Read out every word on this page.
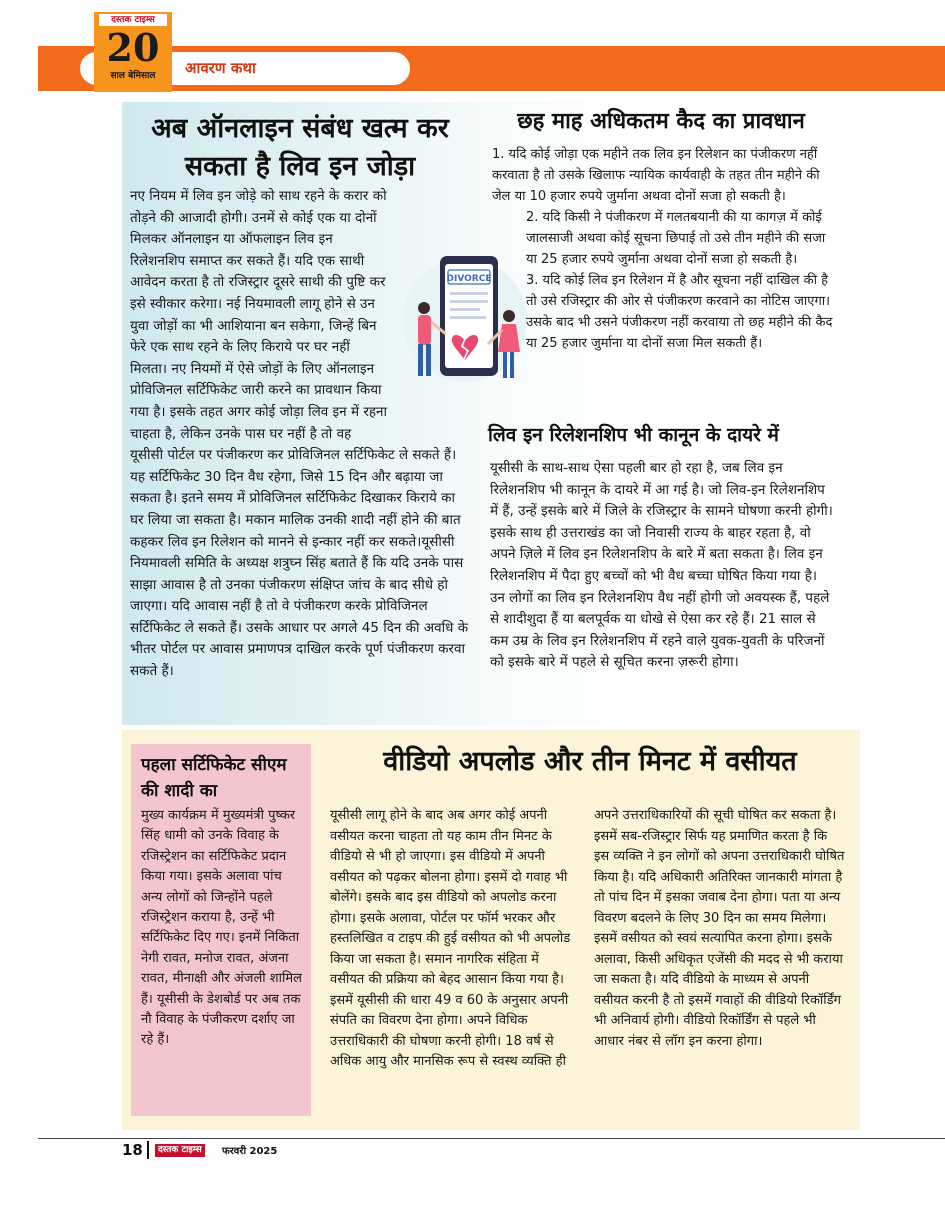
आवरण कथा
दस्तक टाइम्स
20
साल बेमिसाल
अब ऑनलाइन संबंध खत्म कर सकता है लिव इन जोड़ा
नए नियम में लिव इन जोड़े को साथ रहने के करार को तोड़ने की आजादी होगी। उनमें से कोई एक या दोनों मिलकर ऑनलाइन या ऑफलाइन लिव इन रिलेशनशिप समाप्त कर सकते हैं। यदि एक साथी आवेदन करता है तो रजिस्ट्रार दूसरे साथी की पुष्टि कर इसे स्वीकार करेगा। नई नियमावली लागू होने से उन युवा जोड़ों का भी आशियाना बन सकेगा, जिन्हें बिन फेरे एक साथ रहने के लिए किराये पर घर नहीं मिलता। नए नियमों में ऐसे जोड़ों के लिए ऑनलाइन प्रोविजिनल सर्टिफिकेट जारी करने का प्रावधान किया गया है। इसके तहत अगर कोई जोड़ा लिव इन में रहना चाहता है, लेकिन उनके पास घर नहीं है तो वह यूसीसी पोर्टल पर पंजीकरण कर प्रोविजिनल सर्टिफिकेट ले सकते हैं। यह सर्टिफिकेट 30 दिन वैध रहेगा, जिसे 15 दिन और बढ़ाया जा सकता है। इतने समय में प्रोविजिनल सर्टिफिकेट दिखाकर किराये का घर लिया जा सकता है। मकान मालिक उनकी शादी नहीं होने की बात कहकर लिव इन रिलेशन को मानने से इन्कार नहीं कर सकते।यूसीसी नियमावली समिति के अध्यक्ष शत्रुघ्न सिंह बताते हैं कि यदि उनके पास साझा आवास है तो उनका पंजीकरण संक्षिप्त जांच के बाद सीधे हो जाएगा। यदि आवास नहीं है तो वे पंजीकरण करके प्रोविजिनल सर्टिफिकेट ले सकते हैं। उसके आधार पर अगले 45 दिन की अवधि के भीतर पोर्टल पर आवास प्रमाणपत्र दाखिल करके पूर्ण पंजीकरण करवा सकते हैं।
DIVORCE
छह माह अधिकतम कैद का प्रावधान

1. यदि कोई जोड़ा एक महीने तक लिव इन रिलेशन का पंजीकरण नहीं करवाता है तो उसके खिलाफ न्यायिक कार्यवाही के तहत तीन महीने की जेल या 10 हजार रुपये जुर्माना अथवा दोनों सजा हो सकती है।

2. यदि किसी ने पंजीकरण में गलतबयानी की या कागज़ में कोई जालसाजी अथवा कोई सूचना छिपाई तो उसे तीन महीने की सजा या 25 हजार रुपये जुर्माना अथवा दोनों सजा हो सकती है।

3. यदि कोई लिव इन रिलेशन में है और सूचना नहीं दाखिल की है तो उसे रजिस्ट्रार की ओर से पंजीकरण करवाने का नोटिस जाएगा। उसके बाद भी उसने पंजीकरण नहीं करवाया तो छह महीने की कैद या 25 हजार जुर्माना या दोनों सजा मिल सकती हैं।

लिव इन रिलेशनशिप भी कानून के दायरे में
यूसीसी के साथ-साथ ऐसा पहली बार हो रहा है, जब लिव इन रिलेशनशिप भी कानून के दायरे में आ गई है। जो लिव-इन रिलेशनशिप में हैं, उन्हें इसके बारे में जिले के रजिस्ट्रार के सामने घोषणा करनी होगी। इसके साथ ही उत्तराखंड का जो निवासी राज्य के बाहर रहता है, वो अपने ज़िले में लिव इन रिलेशनशिप के बारे में बता सकता है। लिव इन रिलेशनशिप में पैदा हुए बच्चों को भी वैध बच्चा घोषित किया गया है। उन लोगों का लिव इन रिलेशनशिप वैध नहीं होगी जो अवयस्क हैं, पहले से शादीशुदा हैं या बलपूर्वक या धोखे से ऐसा कर रहे हैं। 21 साल से कम उम्र के लिव इन रिलेशनशिप में रहने वाले युवक-युवती के परिजनों को इसके बारे में पहले से सूचित करना ज़रूरी होगा।
पहला सर्टिफिकेट सीएम की शादी का
मुख्य कार्यक्रम में मुख्यमंत्री पुष्कर सिंह धामी को उनके विवाह के रजिस्ट्रेशन का सर्टिफिकेट प्रदान किया गया। इसके अलावा पांच अन्य लोगों को जिन्होंने पहले रजिस्ट्रेशन कराया है, उन्हें भी सर्टिफिकेट दिए गए। इनमें निकिता नेगी रावत, मनोज रावत, अंजना रावत, मीनाक्षी और अंजली शामिल हैं। यूसीसी के डेशबोर्ड पर अब तक नौ विवाह के पंजीकरण दर्शाए जा रहे हैं।
वीडियो अपलोड और तीन मिनट में वसीयत
यूसीसी लागू होने के बाद अब अगर कोई अपनी वसीयत करना चाहता तो यह काम तीन मिनट के वीडियो से भी हो जाएगा। इस वीडियो में अपनी वसीयत को पढ़कर बोलना होगा। इसमें दो गवाह भी बोलेंगे। इसके बाद इस वीडियो को अपलोड करना होगा। इसके अलावा, पोर्टल पर फॉर्म भरकर और हस्तलिखित व टाइप की हुई वसीयत को भी अपलोड किया जा सकता है। समान नागरिक संहिता में वसीयत की प्रक्रिया को बेहद आसान किया गया है। इसमें यूसीसी की धारा 49 व 60 के अनुसार अपनी संपति का विवरण देना होगा। अपने विधिक उत्तराधिकारी की घोषणा करनी होगी। 18 वर्ष से अधिक आयु और मानसिक रूप से स्वस्थ व्यक्ति ही
अपने उत्तराधिकारियों की सूची घोषित कर सकता है। इसमें सब-रजिस्ट्रार सिर्फ यह प्रमाणित करता है कि इस व्यक्ति ने इन लोगों को अपना उत्तराधिकारी घोषित किया है। यदि अधिकारी अतिरिक्त जानकारी मांगता है तो पांच दिन में इसका जवाब देना होगा। पता या अन्य विवरण बदलने के लिए 30 दिन का समय मिलेगा। इसमें वसीयत को स्वयं सत्यापित करना होगा। इसके अलावा, किसी अधिकृत एजेंसी की मदद से भी कराया जा सकता है। यदि वीडियो के माध्यम से अपनी वसीयत करनी है तो इसमें गवाहों की वीडियो रिकॉर्डिंग भी अनिवार्य होगी। वीडियो रिकॉर्डिंग से पहले भी आधार नंबर से लॉग इन करना होगा।
18	दस्तक टाइम्स	फरवरी 2025
